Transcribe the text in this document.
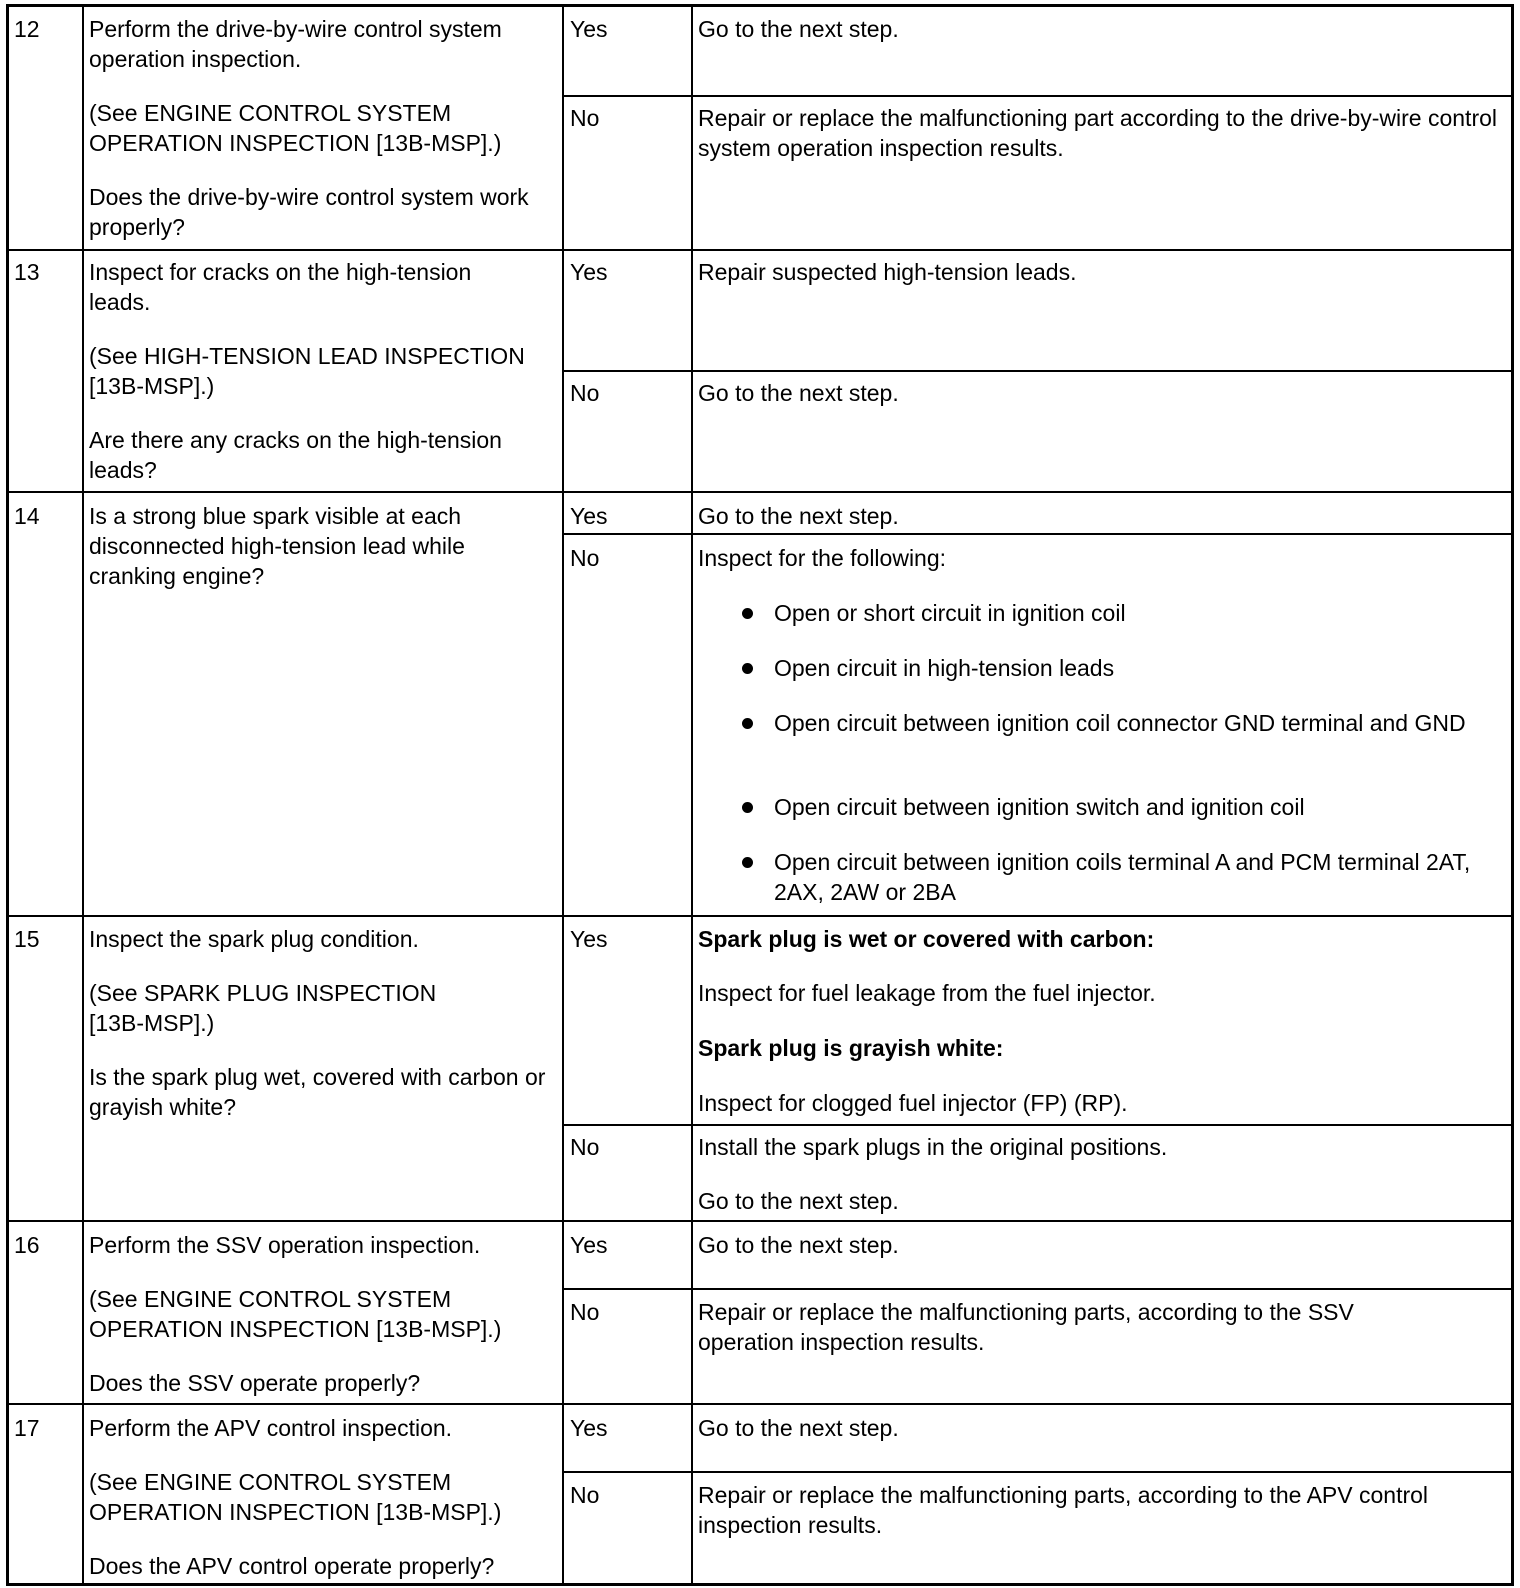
12 Perform the drive-by-wire control system operation inspection.
(See ENGINE CONTROL SYSTEM OPERATION INSPECTION [13B-MSP].)
Does the drive-by-wire control system work properly?
Yes	Go to the next step.
No	Repair or replace the malfunctioning part according to the drive-by-wire control system operation inspection results.
13 Inspect for cracks on the high-tension leads.
(See HIGH-TENSION LEAD INSPECTION [13B-MSP].)
Are there any cracks on the high-tension leads?
Yes	Repair suspected high-tension leads.
No	Go to the next step.
14 Is a strong blue spark visible at each disconnected high-tension lead while cranking engine?
Yes	Go to the next step.
No	Inspect for the following:
Open or short circuit in ignition coil
Open circuit in high-tension leads
Open circuit between ignition coil connector GND terminal and GND
Open circuit between ignition switch and ignition coil
Open circuit between ignition coils terminal A and PCM terminal 2AT, 2AX, 2AW or 2BA
15 Inspect the spark plug condition.
(See SPARK PLUG INSPECTION [13B-MSP].)
Is the spark plug wet, covered with carbon or grayish white?
Yes	Spark plug is wet or covered with carbon:
Inspect for fuel leakage from the fuel injector.
Spark plug is grayish white:
Inspect for clogged fuel injector (FP) (RP).
No	Install the spark plugs in the original positions.
Go to the next step.
16 Perform the SSV operation inspection.
(See ENGINE CONTROL SYSTEM OPERATION INSPECTION [13B-MSP].)
Does the SSV operate properly?
Yes	Go to the next step.
No	Repair or replace the malfunctioning parts, according to the SSV operation inspection results.
17 Perform the APV control inspection.
(See ENGINE CONTROL SYSTEM OPERATION INSPECTION [13B-MSP].)
Does the APV control operate properly?
Yes	Go to the next step.
No	Repair or replace the malfunctioning parts, according to the APV control inspection results.
